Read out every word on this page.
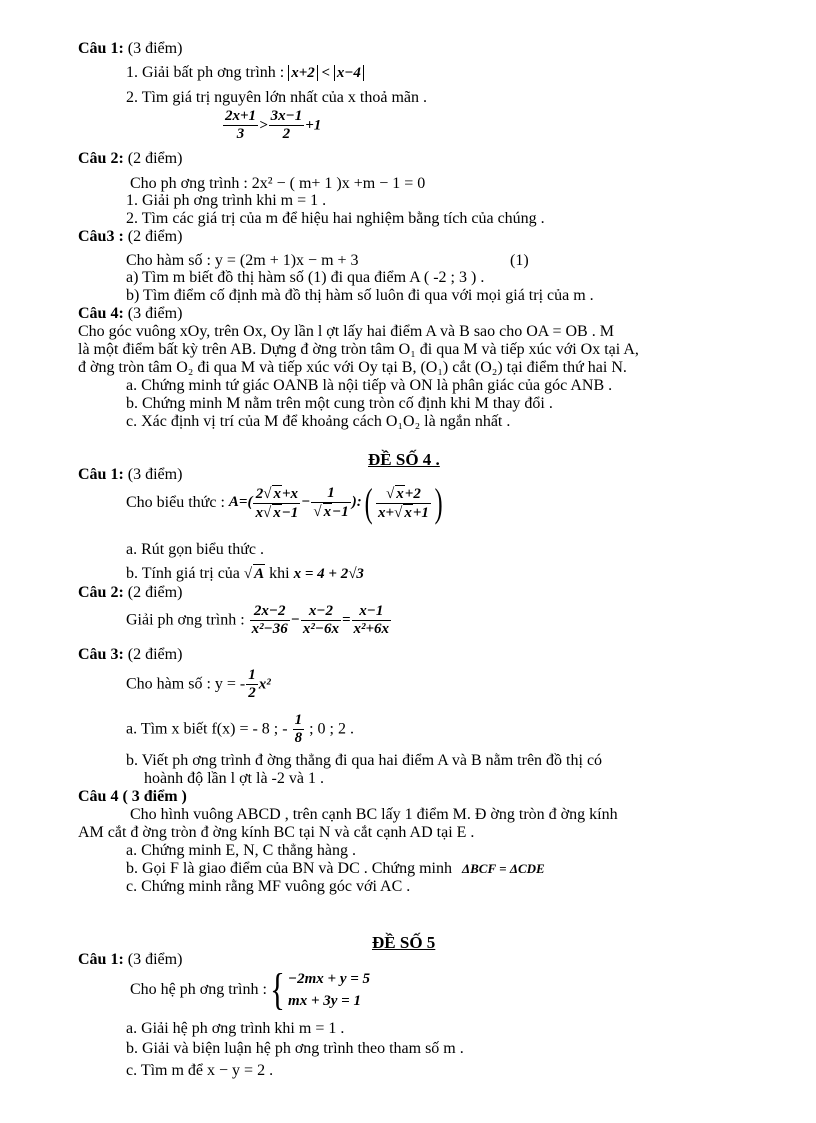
Câu 1: (3 điểm)
1. Giải bất ph ơng trình : x+2 < x−4
2. Tìm giá trị nguyên lớn nhất của x thoả mãn .
$\frac{2x+1}{3} > \frac{3x-1}{2} +1$
Câu 2: (2 điểm)
Cho ph ơng trình : 2x² − ( m+ 1 )x +m − 1 = 0
1. Giải ph ơng trình khi m = 1 .
2. Tìm các giá trị của m để hiệu hai nghiệm bằng tích của chúng .
Câu3 : (2 điểm)
Cho hàm số : y = (2m + 1)x − m + 3	(1)
a) Tìm m biết đồ thị hàm số (1) đi qua điểm A ( -2 ; 3 ) .
b) Tìm điểm cố định mà đồ thị hàm số luôn đi qua với mọi giá trị của m .
Câu 4: (3 điểm)
Cho góc vuông xOy, trên Ox, Oy lần l ợt lấy hai điểm A và B sao cho OA = OB . M
là một điểm bất kỳ trên AB. Dựng đ ờng tròn tâm O₁ đi qua M và tiếp xúc với Ox tại A,
đ ờng tròn tâm O₂ đi qua M và tiếp xúc với Oy tại B, (O₁) cắt (O₂) tại điểm thứ hai N.
a. Chứng minh tứ giác OANB là nội tiếp và ON là phân giác của góc ANB .
b. Chứng minh M nằm trên một cung tròn cố định khi M thay đổi .
c. Xác định vị trí của M để khoảng cách O₁O₂ là ngắn nhất .
ĐỀ SỐ 4 .
Câu 1: (3 điểm)
Cho biểu thức : $A=( \frac{2√ x+x}{x√ x-1} - \frac{1}{√ x-1}$ ):( $\frac{√ x+2}{x+√ x+1}$ )
a. Rút gọn biểu thức .
b. Tính giá trị của √ A khi x = 4 + 2√3
Câu 2: (2 điểm)
Giải ph ơng trình : $\frac{2x-2}{\text{x²−36}} - \frac{x-2}{\text{x²−6x}} = \frac{x-1}{\text{x²+6x}}$
Câu 3: (2 điểm)
Cho hàm số : y = - $\frac{1}{2} x^2$
a. Tìm x biết f(x) = - 8 ; - $\frac{1}{8}$ ; 0 ; 2 .
b. Viết ph ơng trình đ ờng thẳng đi qua hai điểm A và B nằm trên đồ thị có
hoành độ lần l ợt là -2 và 1 .
Câu 4 ( 3 điểm )
Cho hình vuông ABCD , trên cạnh BC lấy 1 điểm M. Đ ờng tròn đ ờng kính
AM cắt đ ờng tròn đ ờng kính BC tại N và cắt cạnh AD tại E .
a. Chứng minh E, N, C thẳng hàng .
b. Gọi F là giao điểm của BN và DC . Chứng minh ΔBCF = ΔCDE
c. Chứng minh rằng MF vuông góc với AC .
ĐỀ SỐ 5
Câu 1: (3 điểm)
Cho hệ ph ơng trình :{ −2mx + y = 5
mx + 3y = 1
a. Giải hệ ph ơng trình khi m = 1 .
b. Giải và biện luận hệ ph ơng trình theo tham số m .
c. Tìm m để x − y = 2 .
